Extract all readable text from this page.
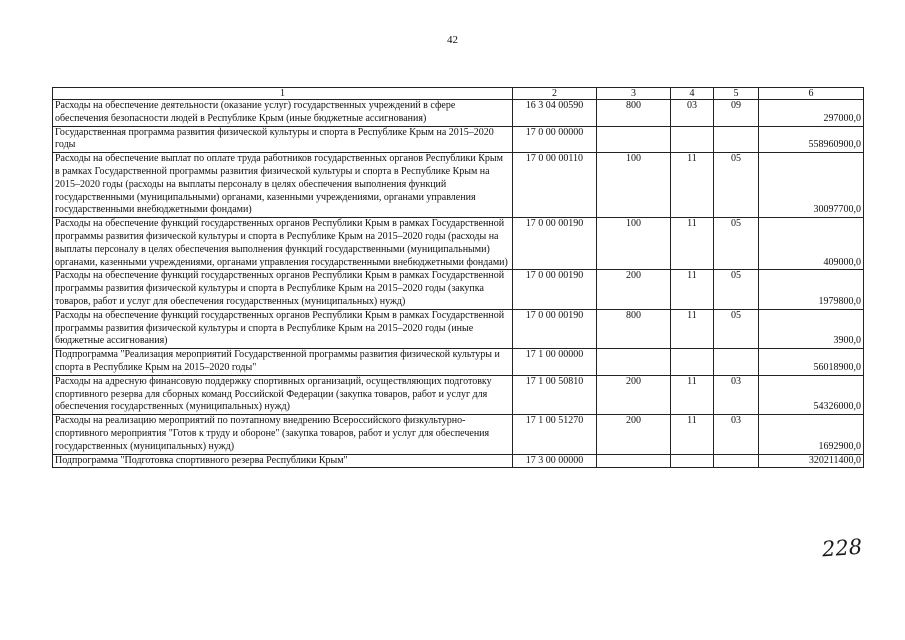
42
1	2	3	4	5	6
Расходы на обеспечение деятельности (оказание услуг) государственных учреждений в сфере обеспечения безопасности людей в Республике Крым (иные бюджетные ассигнования)	16 3 04 00590	800	03	09	297000,0
Государственная программа развития физической культуры и спорта в Республике Крым на 2015–2020 годы	17 0 00 00000				558960900,0
Расходы на обеспечение выплат по оплате труда работников государственных органов Республики Крым в рамках Государственной программы развития физической культуры и спорта в Республике Крым на 2015–2020 годы (расходы на выплаты персоналу в целях обеспечения выполнения функций государственными (муниципальными) органами, казенными учреждениями, органами управления государственными внебюджетными фондами)	17 0 00 00110	100	11	05	30097700,0
Расходы на обеспечение функций государственных органов Республики Крым в рамках Государственной программы развития физической культуры и спорта в Республике Крым на 2015–2020 годы (расходы на выплаты персоналу в целях обеспечения выполнения функций государственными (муниципальными) органами, казенными учреждениями, органами управления государственными внебюджетными фондами)	17 0 00 00190	100	11	05	409000,0
Расходы на обеспечение функций государственных органов Республики Крым в рамках Государственной программы развития физической культуры и спорта в Республике Крым на 2015–2020 годы (закупка товаров, работ и услуг для обеспечения государственных (муниципальных) нужд)	17 0 00 00190	200	11	05	1979800,0
Расходы на обеспечение функций государственных органов Республики Крым в рамках Государственной программы развития физической культуры и спорта в Республике Крым на 2015–2020 годы (иные бюджетные ассигнования)	17 0 00 00190	800	11	05	3900,0
Подпрограмма "Реализация мероприятий Государственной программы развития физической культуры и спорта в Республике Крым на 2015–2020 годы"	17 1 00 00000				56018900,0
Расходы на адресную финансовую поддержку спортивных организаций, осуществляющих подготовку спортивного резерва для сборных команд Российской Федерации (закупка товаров, работ и услуг для обеспечения государственных (муниципальных) нужд)	17 1 00 50810	200	11	03	54326000,0
Расходы на реализацию мероприятий по поэтапному внедрению Всероссийского физкультурно-спортивного мероприятия "Готов к труду и обороне" (закупка товаров, работ и услуг для обеспечения государственных (муниципальных) нужд)	17 1 00 51270	200	11	03	1692900,0
Подпрограмма "Подготовка спортивного резерва Республики Крым"	17 3 00 00000				320211400,0
228
